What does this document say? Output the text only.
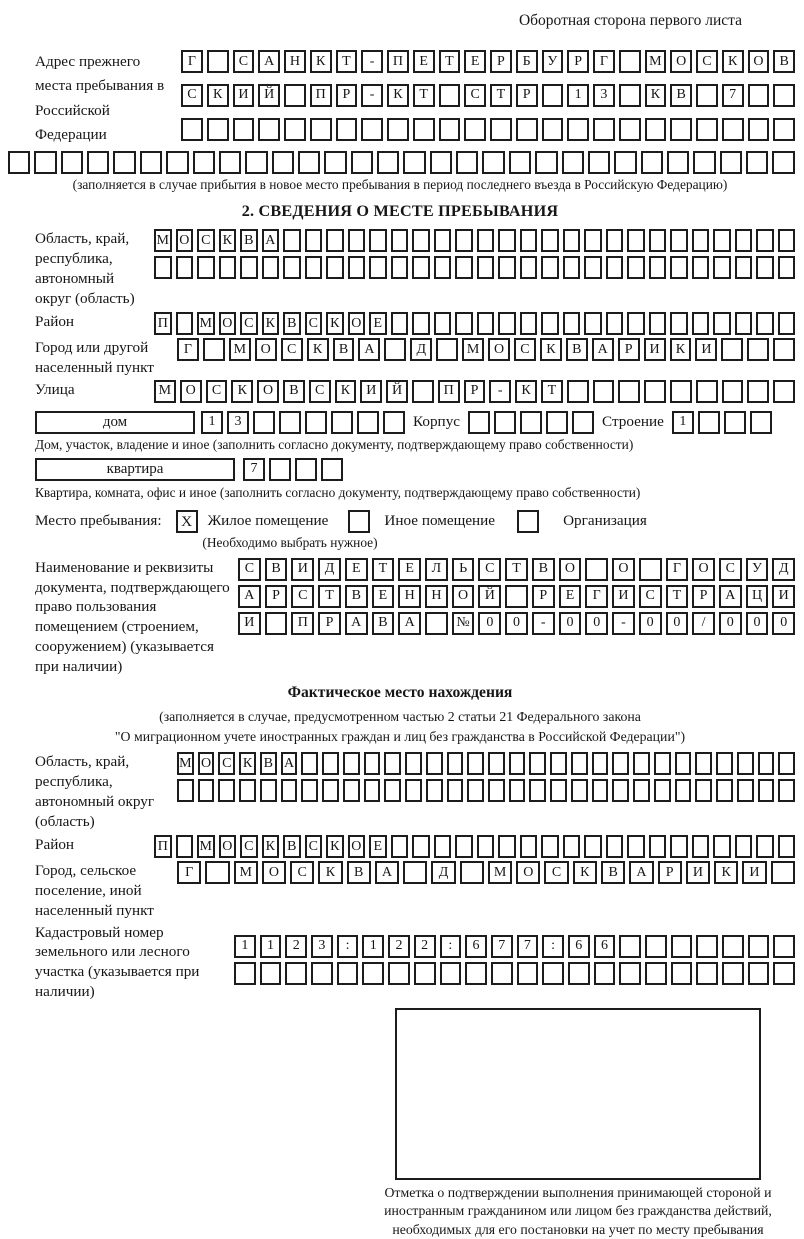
Оборотная сторона первого листа
Адрес прежнего места пребывания в Российской Федерации
Г	С	А	Н	К	Т	-	П	Е	Т	Е	Р	Б	У	Р	Г	М	О	С	К	О	В
С	К	И	Й	П	Р	-	К	Т	С	Т	Р	1	3	К	В	7
(заполняется в случае прибытия в новое место пребывания в период последнего въезда в Российскую Федерацию)
2. СВЕДЕНИЯ О МЕСТЕ ПРЕБЫВАНИЯ
Область, край, республика, автономный округ (область)
М О С К В А
Район	П М О С К В С К О Е
Город или другой населенный пункт
Г	М	О	С	К	В	А	Д	М	О	С	К	В	А	Р	И	К	И
Улица	М	О	С	К	О	В	С	К	И	Й	П	Р	-	К	Т
дом	1	3	Корпус	Строение	1
Дом, участок, владение и иное (заполнить согласно документу, подтверждающему право собственности)
квартира	7
Квартира, комната, офис и иное (заполнить согласно документу, подтверждающему право собственности)
Место пребывания:	X	Жилое помещение	Иное помещение	Организация
(Необходимо выбрать нужное)
Наименование и реквизиты документа, подтверждающего право пользования помещением (строением, сооружением) (указывается при наличии)
С	В	И	Д	Е	Т	Е	Л	Ь	С	Т	В	О	О	Г	О	С	У	Д
А	Р	С	Т	В	Е	Н	Н	О	Й	Р	Е	Г	И	С	Т	Р	А	Ц	И
И	П	Р	А	В	А	№	0	0	-	0	0	-	0	0	/	0	0	0
Фактическое место нахождения
(заполняется в случае, предусмотренном частью 2 статьи 21 Федерального закона
"О миграционном учете иностранных граждан и лиц без гражданства в Российской Федерации")
Область, край, республика, автономный округ (область)
М О С К В А
Район	П М О С К В С К О Е
Город, сельское поселение, иной населенный пункт
Г	М	О	С	К	В	А	Д	М	О	С	К	В	А	Р	И	К	И
Кадастровый номер земельного или лесного участка (указывается при наличии)
1	1	2	3	:	1	2	2	:	6	7	7	:	6	6
Отметка о подтверждении выполнения принимающей стороной и иностранным гражданином или лицом без гражданства действий, необходимых для его постановки на учет по месту пребывания
